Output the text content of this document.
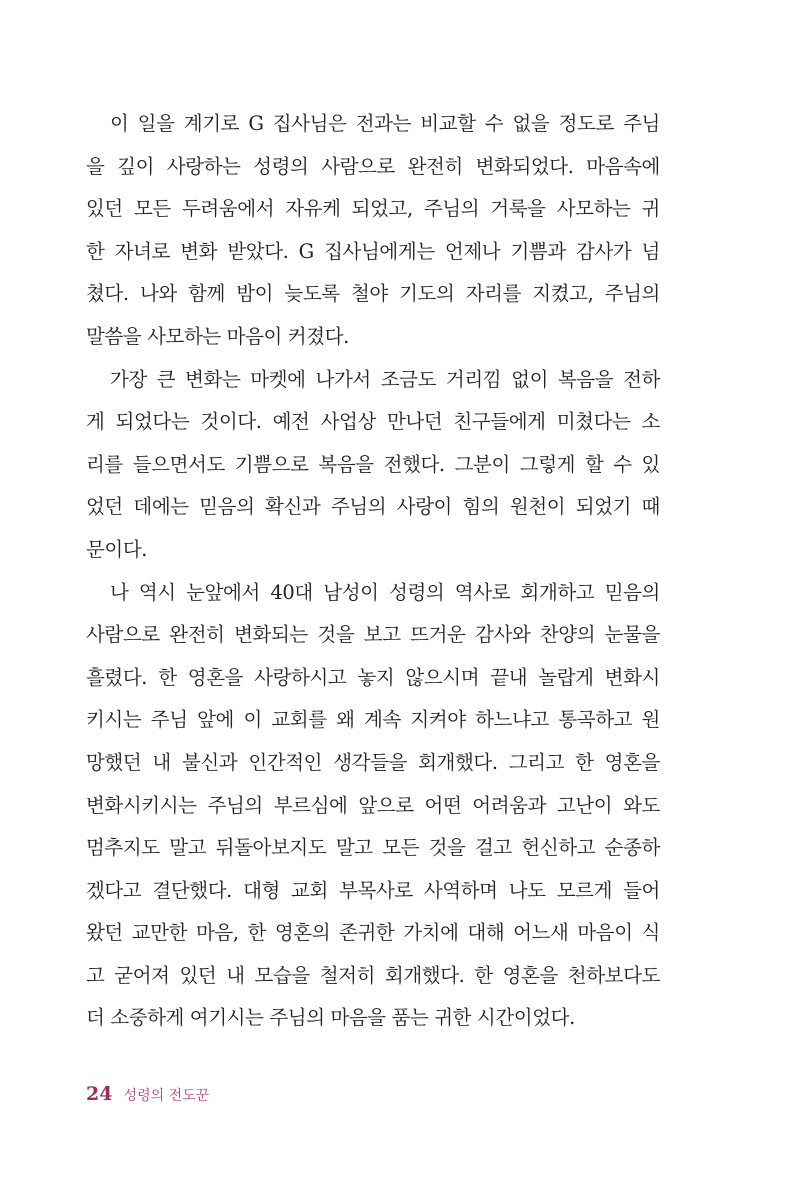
이 일을 계기로 G 집사님은 전과는 비교할 수 없을 정도로 주님
을 깊이 사랑하는 성령의 사람으로 완전히 변화되었다. 마음속에
있던 모든 두려움에서 자유케 되었고, 주님의 거룩을 사모하는 귀
한 자녀로 변화 받았다. G 집사님에게는 언제나 기쁨과 감사가 넘
쳤다. 나와 함께 밤이 늦도록 철야 기도의 자리를 지켰고, 주님의
말씀을 사모하는 마음이 커졌다.
가장 큰 변화는 마켓에 나가서 조금도 거리낌 없이 복음을 전하
게 되었다는 것이다. 예전 사업상 만나던 친구들에게 미쳤다는 소
리를 들으면서도 기쁨으로 복음을 전했다. 그분이 그렇게 할 수 있
었던 데에는 믿음의 확신과 주님의 사랑이 힘의 원천이 되었기 때
문이다.
나 역시 눈앞에서 40대 남성이 성령의 역사로 회개하고 믿음의
사람으로 완전히 변화되는 것을 보고 뜨거운 감사와 찬양의 눈물을
흘렸다. 한 영혼을 사랑하시고 놓지 않으시며 끝내 놀랍게 변화시
키시는 주님 앞에 이 교회를 왜 계속 지켜야 하느냐고 통곡하고 원
망했던 내 불신과 인간적인 생각들을 회개했다. 그리고 한 영혼을
변화시키시는 주님의 부르심에 앞으로 어떤 어려움과 고난이 와도
멈추지도 말고 뒤돌아보지도 말고 모든 것을 걸고 헌신하고 순종하
겠다고 결단했다. 대형 교회 부목사로 사역하며 나도 모르게 들어
왔던 교만한 마음, 한 영혼의 존귀한 가치에 대해 어느새 마음이 식
고 굳어져 있던 내 모습을 철저히 회개했다. 한 영혼을 천하보다도
더 소중하게 여기시는 주님의 마음을 품는 귀한 시간이었다.
24 성령의 전도꾼
